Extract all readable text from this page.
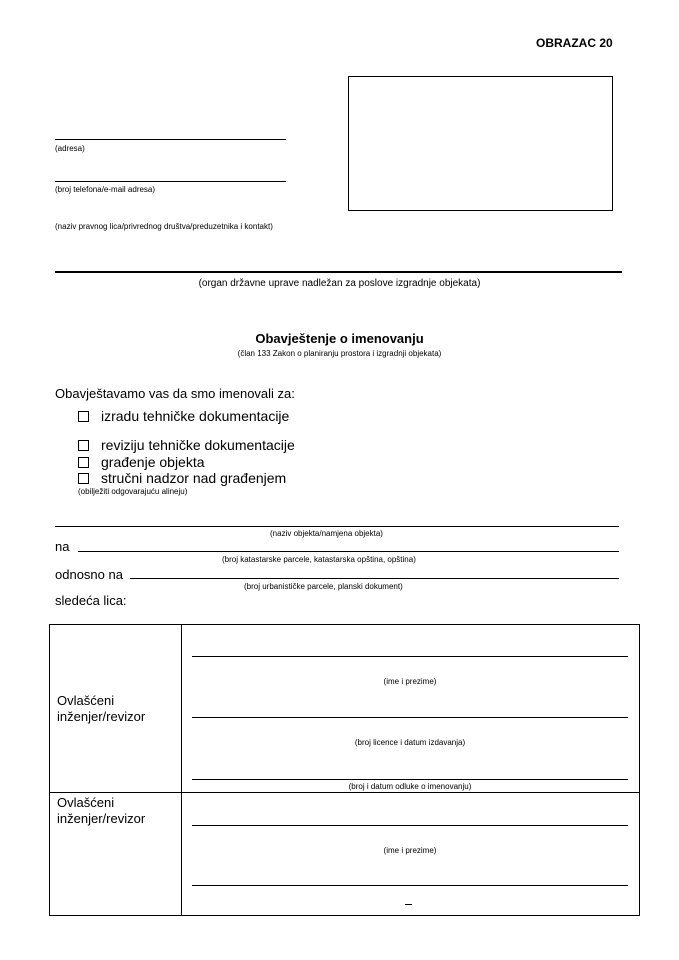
OBRAZAC 20
(adresa)
(broj telefona/e-mail adresa)
(naziv pravnog lica/privrednog društva/preduzetnika i kontakt)
(organ državne uprave nadležan za poslove izgradnje objekata)
Obavještenje o imenovanju
(član 133 Zakon o planiranju prostora i izgradnji objekata)
Obavještavamo vas da smo imenovali za:
izradu tehničke dokumentacije
reviziju tehničke dokumentacije
građenje objekta
stručni nadzor nad građenjem
(obilježiti odgovarajuću alineju)
(naziv objekta/namjena objekta)
na
(broj katastarske parcele, katastarska opština, opština)
odnosno na
(broj urbanističke parcele, planski dokument)
sledeća lica:
Ovlašćeni inženjer/revizor
(ime i prezime)
(broj licence i datum izdavanja)
(broj i datum odluke o imenovanju)
Ovlašćeni inženjer/revizor
(ime i prezime)
